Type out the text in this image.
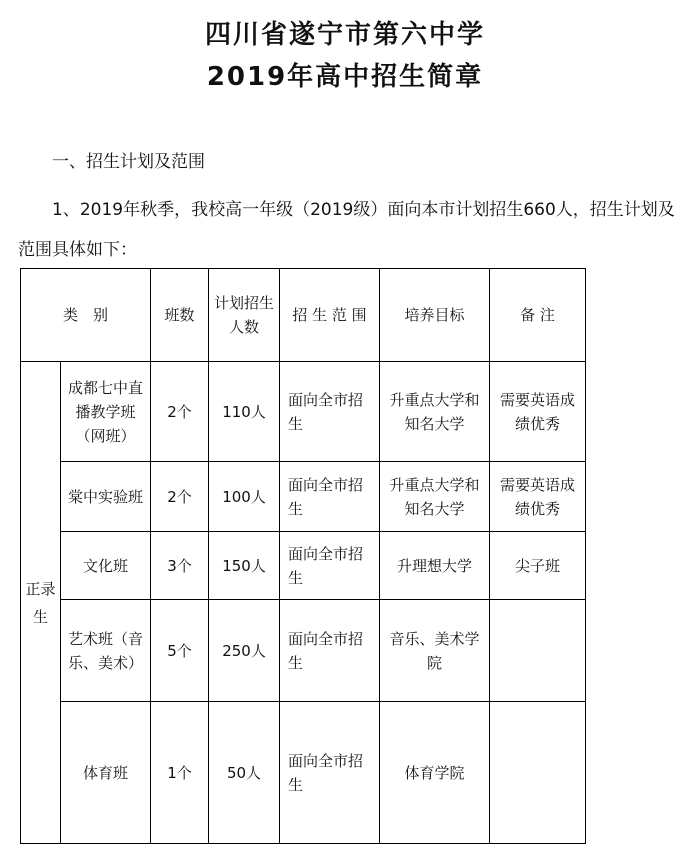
四川省遂宁市第六中学
2019年高中招生简章
一、招生计划及范围
1、2019年秋季，我校高一年级（2019级）面向本市计划招生660人，招生计划及范围具体如下：
类　别		班数	计划招生人数	招 生 范 围	培养目标	备 注
正录生	成都七中直播教学班（网班）	2个	110人	面向全市招生	升重点大学和知名大学	需要英语成绩优秀
	棠中实验班	2个	100人	面向全市招生	升重点大学和知名大学	需要英语成绩优秀
	文化班	3个	150人	面向全市招生	升理想大学	尖子班
	艺术班（音乐、美术）	5个	250人	面向全市招生	音乐、美术学院	
	体育班	1个	50人	面向全市招生	体育学院	
